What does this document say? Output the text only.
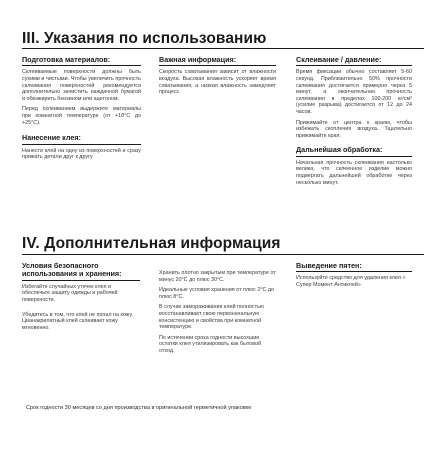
III. Указания по использованию

Подготовка материалов:

Склеиваемые поверхности должны быть сухими и чистыми. Чтобы увеличить прочность склеивания поверхностей рекомендуется дополнительно зачистить наждачной бумагой и обезжирить бензином или ацетоном.

Перед склеиванием выдержите материалы при комнатной температуре (от +18°C до +25°C).

Нанесение клея:

Нанести клей на одну из поверхностей и сразу прижать детали друг к другу

Важная информация:

Скорость схватывания зависит от влажности воздуха. Высокая влажность ускоряет время схватывания, а низкая влажность замедляет процесс.

Склеивание / давление:

Время фиксации обычно составляет 5-60 секунд. Приблизительно 50% прочности склеивания достигается примерно через 5 минут, а окончательная прочность склеивания в пределах 100-200 кг/см² (усилие разрыва) достигается от 12 до 24 часов.

Прижимайте от центра к краям, чтобы избежать скопления воздуха. Тщательно прижимайте края.

Дальнейшая обработка:

Начальная прочность склеивания настолько велика, что склеенное изделие можно подвергать дальнейшей обработке через несколько минут.

IV. Дополнительная информация

Условия безопасного использования и хранения:

Избегайте случайных утечек клея и обеспечьте защиту одежды и рабочей поверхности.

Убедитесь в том, что клей не попал на кожу. Цианакрилатный клей склеивает кожу мгновенно.

Хранить плотно закрытым при температуре от минус 20°C до плюс 30°C.

Идеальные условия хранения от плюс 2°C до плюс 8°C.

В случае замораживания клей полностью восстанавливает свою первоначальную консистенцию и свойства при комнатной температуре.

По истечении срока годности высохшие остатки клея утилизировать как бытовой отход.

Выведение пятен:

Используйте средство для удаления клея « Супер Момент Антиклей»

Срок годности 30 месяцев со дня производства в оригинальной герметичной упаковке
